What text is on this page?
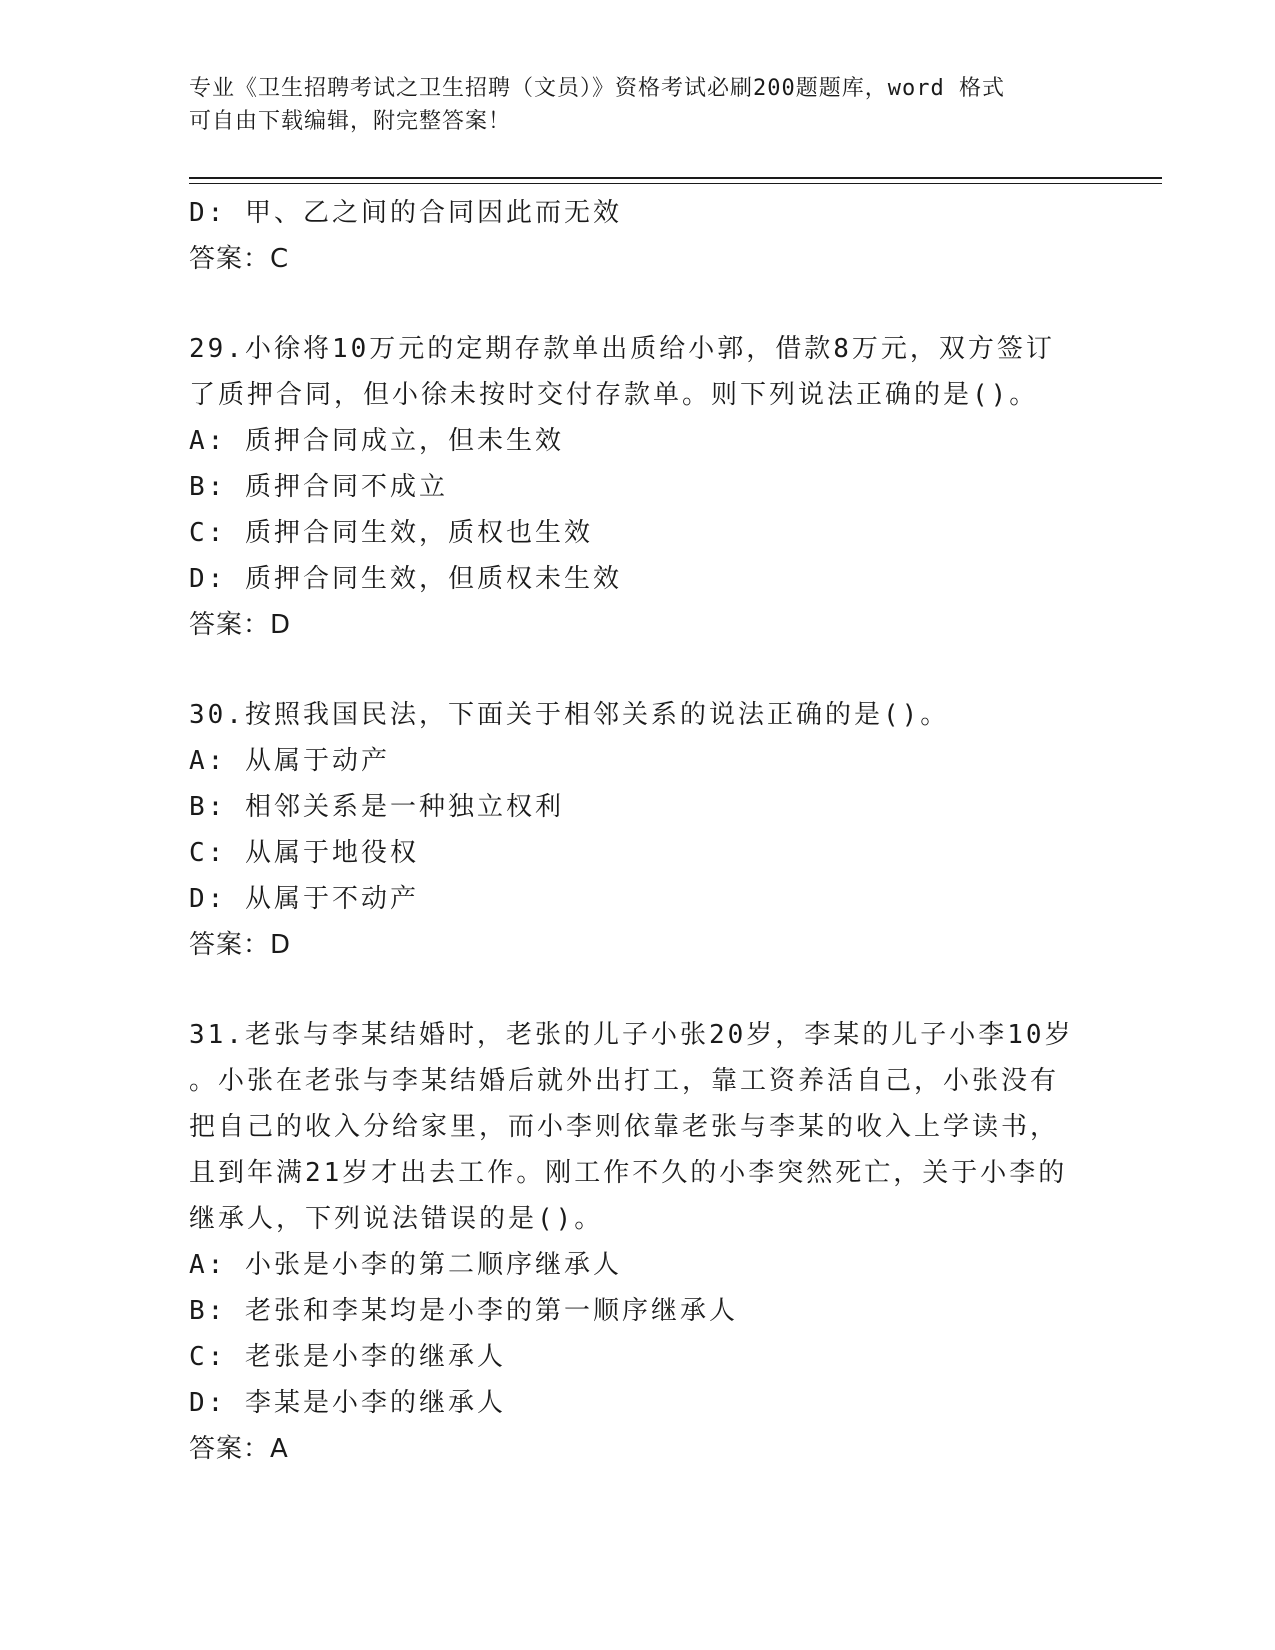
专业《卫生招聘考试之卫生招聘（文员）》资格考试必刷200题题库，word 格式
可自由下载编辑，附完整答案！
D: 甲、乙之间的合同因此而无效
答案：C
29.小徐将10万元的定期存款单出质给小郭，借款8万元，双方签订
了质押合同，但小徐未按时交付存款单。则下列说法正确的是()。
A: 质押合同成立，但未生效
B: 质押合同不成立
C: 质押合同生效，质权也生效
D: 质押合同生效，但质权未生效
答案：D
30.按照我国民法，下面关于相邻关系的说法正确的是()。
A: 从属于动产
B: 相邻关系是一种独立权利
C: 从属于地役权
D: 从属于不动产
答案：D
31.老张与李某结婚时，老张的儿子小张20岁，李某的儿子小李10岁
。小张在老张与李某结婚后就外出打工，靠工资养活自己，小张没有
把自己的收入分给家里，而小李则依靠老张与李某的收入上学读书，
且到年满21岁才出去工作。刚工作不久的小李突然死亡，关于小李的
继承人，下列说法错误的是()。
A: 小张是小李的第二顺序继承人
B: 老张和李某均是小李的第一顺序继承人
C: 老张是小李的继承人
D: 李某是小李的继承人
答案：A
